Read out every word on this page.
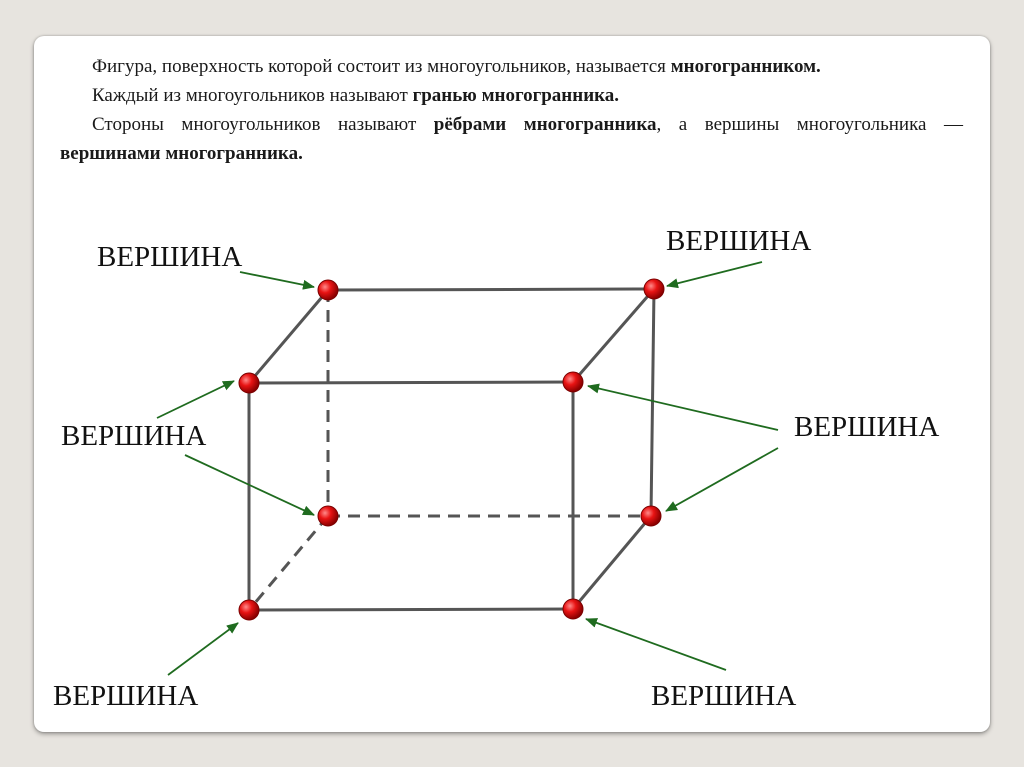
Фигура, поверхность которой состоит из многоугольников, называется многогранником.

Каждый из многоугольников называют гранью многогранника.

Стороны многоугольников называют рёбрами многогранника, а вершины многоугольника — вершинами многогранника.

ВЕРШИНА	ВЕРШИНА
ВЕРШИНА	ВЕРШИНА
ВЕРШИНА	ВЕРШИНА
